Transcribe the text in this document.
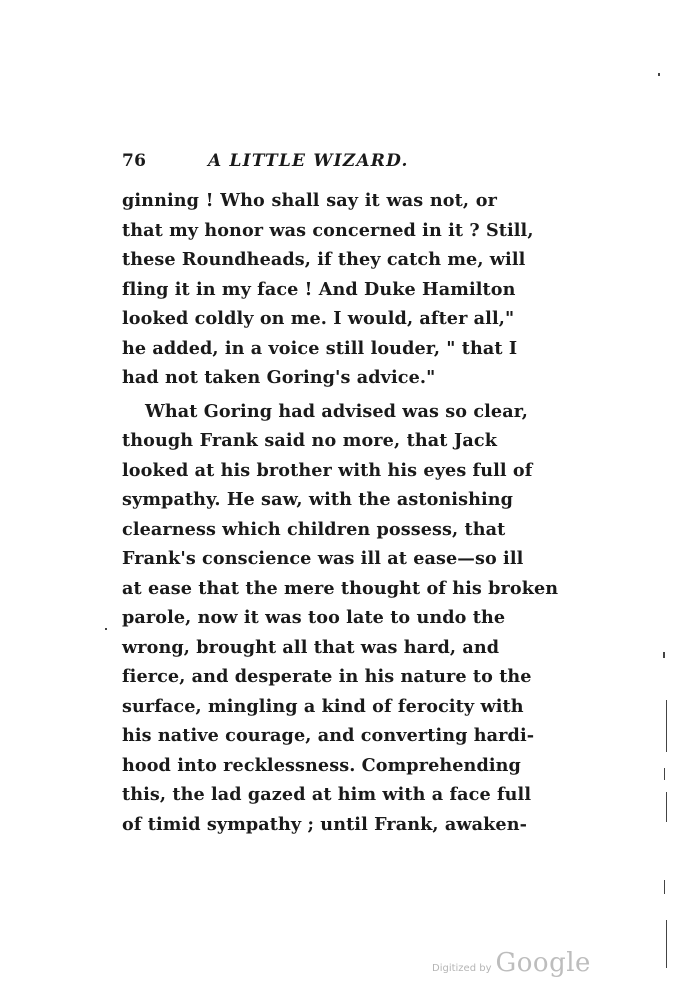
76	A LITTLE WIZARD.
ginning ! Who shall say it was not, or
that my honor was concerned in it ? Still,
these Roundheads, if they catch me, will
fling it in my face ! And Duke Hamilton
looked coldly on me. I would, after all,"
he added, in a voice still louder, " that I
had not taken Goring's advice."
What Goring had advised was so clear,
though Frank said no more, that Jack
looked at his brother with his eyes full of
sympathy. He saw, with the astonishing
clearness which children possess, that
Frank's conscience was ill at ease—so ill
at ease that the mere thought of his broken
parole, now it was too late to undo the
wrong, brought all that was hard, and
fierce, and desperate in his nature to the
surface, mingling a kind of ferocity with
his native courage, and converting hardi-
hood into recklessness. Comprehending
this, the lad gazed at him with a face full
of timid sympathy ; until Frank, awaken-
Digitized by Google
